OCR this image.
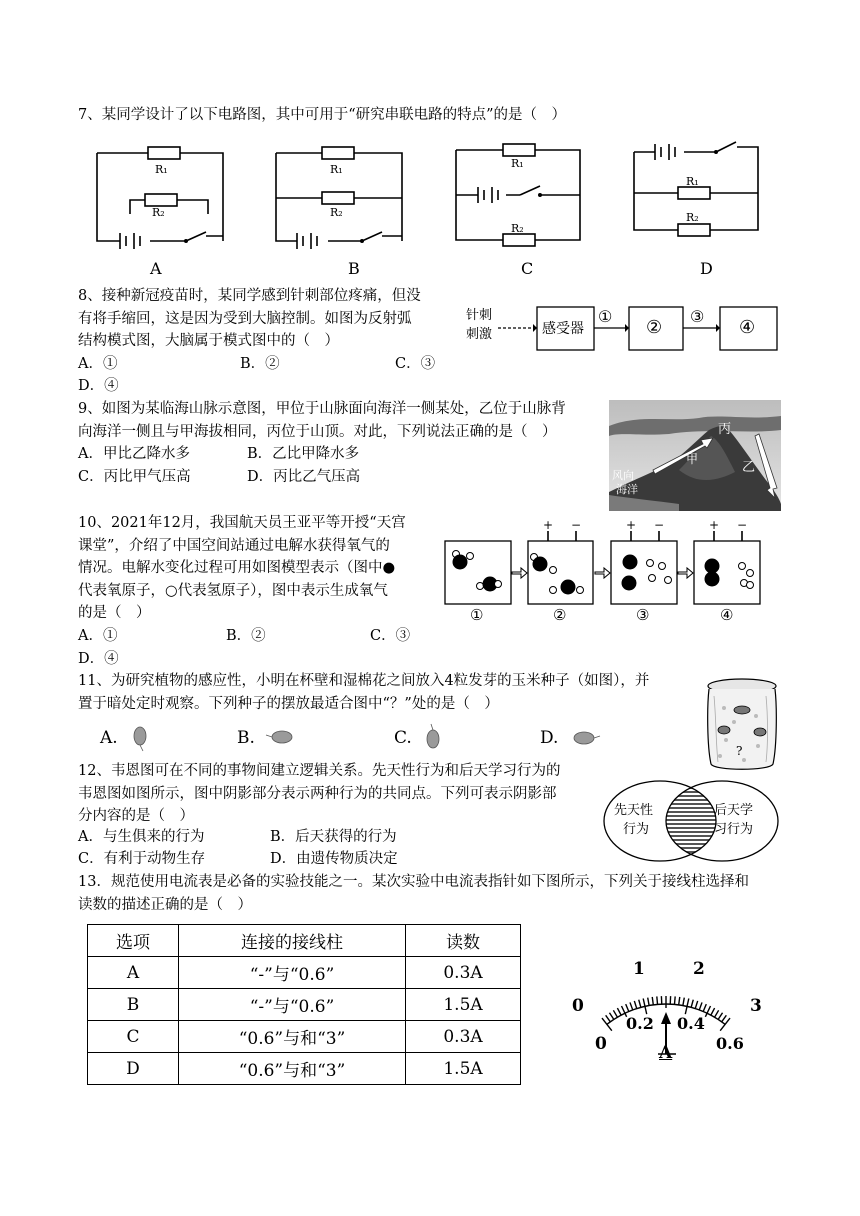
7、某同学设计了以下电路图，其中可用于“研究串联电路的特点”的是（　）
R₁
R₂
R₁
R₂
R₁
R₂
R₁
R₂
A	B	C	D
8、接种新冠疫苗时，某同学感到针刺部位疼痛，但没
有将手缩回，这是因为受到大脑控制。如图为反射弧
结构模式图，大脑属于模式图中的（　）
A．①	B．②	C．③
D．④
针刺
刺激	感受器
①
②
③
④
9、如图为某临海山脉示意图，甲位于山脉面向海洋一侧某处，乙位于山脉背
向海洋一侧且与甲海拔相同，丙位于山顶。对此，下列说法正确的是（　）
A．甲比乙降水多	B．乙比甲降水多
C．丙比甲气压高	D．丙比乙气压高
丙
甲
乙
风向
海洋
10、2021年12月，我国航天员王亚平等开授“天宫
课堂”，介绍了中国空间站通过电解水获得氧气的
情况。电解水变化过程可用如图模型表示（图中●
代表氧原子，○代表氢原子），图中表示生成氧气
的是（　）
A．①	B．②	C．③
D．④
+ −	+ −	+ −
①	②	③	④
11、为研究植物的感应性，小明在杯壁和湿棉花之间放入4粒发芽的玉米种子（如图），并
置于暗处定时观察。下列种子的摆放最适合图中“？”处的是（　）
?
A.	B.	C.	D.
12、韦恩图可在不同的事物间建立逻辑关系。先天性行为和后天学习行为的
韦恩图如图所示，图中阴影部分表示两种行为的共同点。下列可表示阴影部
分内容的是（　）
A．与生俱来的行为	B．后天获得的行为
C．有利于动物生存	D．由遗传物质决定
先天性
行为
后天学
习行为
13．规范使用电流表是必备的实验技能之一。某次实验中电流表指针如下图所示，下列关于接线柱选择和
读数的描述正确的是（　）
选项	连接的接线柱	读数
A	“-”与“0.6”	0.3A
B	“-”与“0.6”	1.5A
C	“0.6”与和“3”	0.3A
D	“0.6”与和“3”	1.5A
0
1	2
3
0
0.2 0.4
0.6
A
